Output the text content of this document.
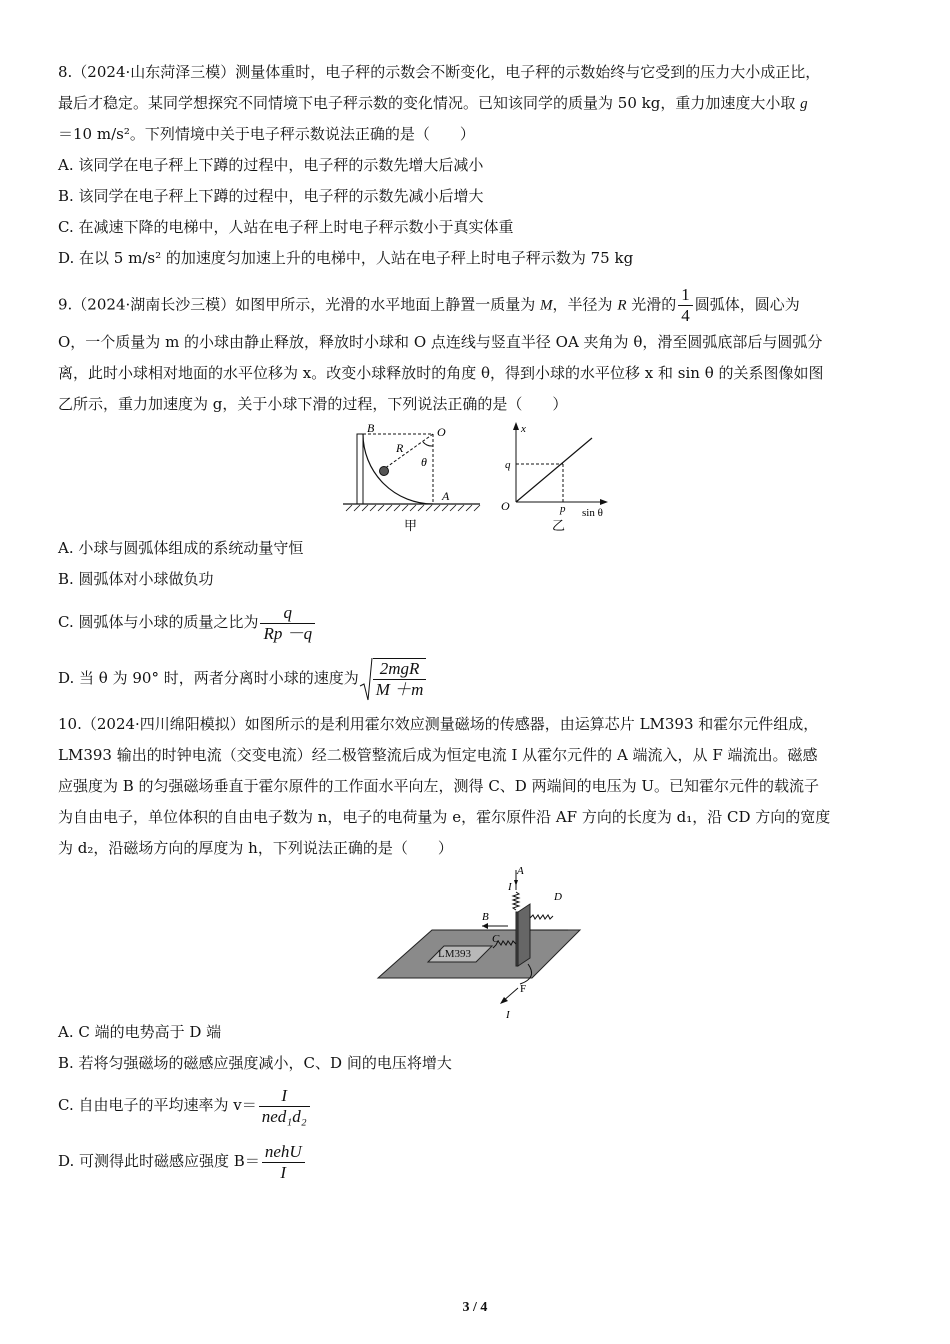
8.（2024·山东菏泽三模）测量体重时，电子秤的示数会不断变化，电子秤的示数始终与它受到的压力大小成正比，
最后才稳定。某同学想探究不同情境下电子秤示数的变化情况。已知该同学的质量为 50 kg，重力加速度大小取 g
＝10 m/s²。下列情境中关于电子秤示数说法正确的是（　　）
A. 该同学在电子秤上下蹲的过程中，电子秤的示数先增大后减小
B. 该同学在电子秤上下蹲的过程中，电子秤的示数先减小后增大
C. 在减速下降的电梯中，人站在电子秤上时电子秤示数小于真实体重
D. 在以 5 m/s² 的加速度匀加速上升的电梯中，人站在电子秤上时电子秤示数为 75 kg
9.（2024·湖南长沙三模）如图甲所示，光滑的水平地面上静置一质量为 M，半径为 R 光滑的 $\frac{1}{4}$ 圆弧体，圆心为
O，一个质量为 m 的小球由静止释放，释放时小球和 O 点连线与竖直半径 OA 夹角为 θ，滑至圆弧底部后与圆弧分
离，此时小球相对地面的水平位移为 x。改变小球释放时的角度 θ，得到小球的水平位移 x 和 sin θ 的关系图像如图
乙所示，重力加速度为 g，关于小球下滑的过程，下列说法正确的是（　　）
B	O
R
θ
A
甲
x
q
O	p sin θ
乙
A. 小球与圆弧体组成的系统动量守恒
B. 圆弧体对小球做负功
C. 圆弧体与小球的质量之比为 $\frac{q}{Rp -q}$
D. 当 θ 为 90° 时，两者分离时小球的速度为 $\frac{\text{2mgR}}{M +m}$
10.（2024·四川绵阳模拟）如图所示的是利用霍尔效应测量磁场的传感器，由运算芯片 LM393 和霍尔元件组成，
LM393 输出的时钟电流（交变电流）经二极管整流后成为恒定电流 I 从霍尔元件的 A 端流入，从 F 端流出。磁感
应强度为 B 的匀强磁场垂直于霍尔原件的工作面水平向左，测得 C、D 两端间的电压为 U。已知霍尔元件的载流子
为自由电子，单位体积的自由电子数为 n，电子的电荷量为 e，霍尔原件沿 AF 方向的长度为 d₁，沿 CD 方向的宽度
为 d₂，沿磁场方向的厚度为 h，下列说法正确的是（　　）
LM393
A
I
D
B
C
F
I
A. C 端的电势高于 D 端
B. 若将匀强磁场的磁感应强度减小，C、D 间的电压将增大
C. 自由电子的平均速率为 $v= \frac{I}{\text{ned₁d₂}}$
D. 可测得此时磁感应强度 $B= \frac{\text{nehU}}{I}$
3 / 4
